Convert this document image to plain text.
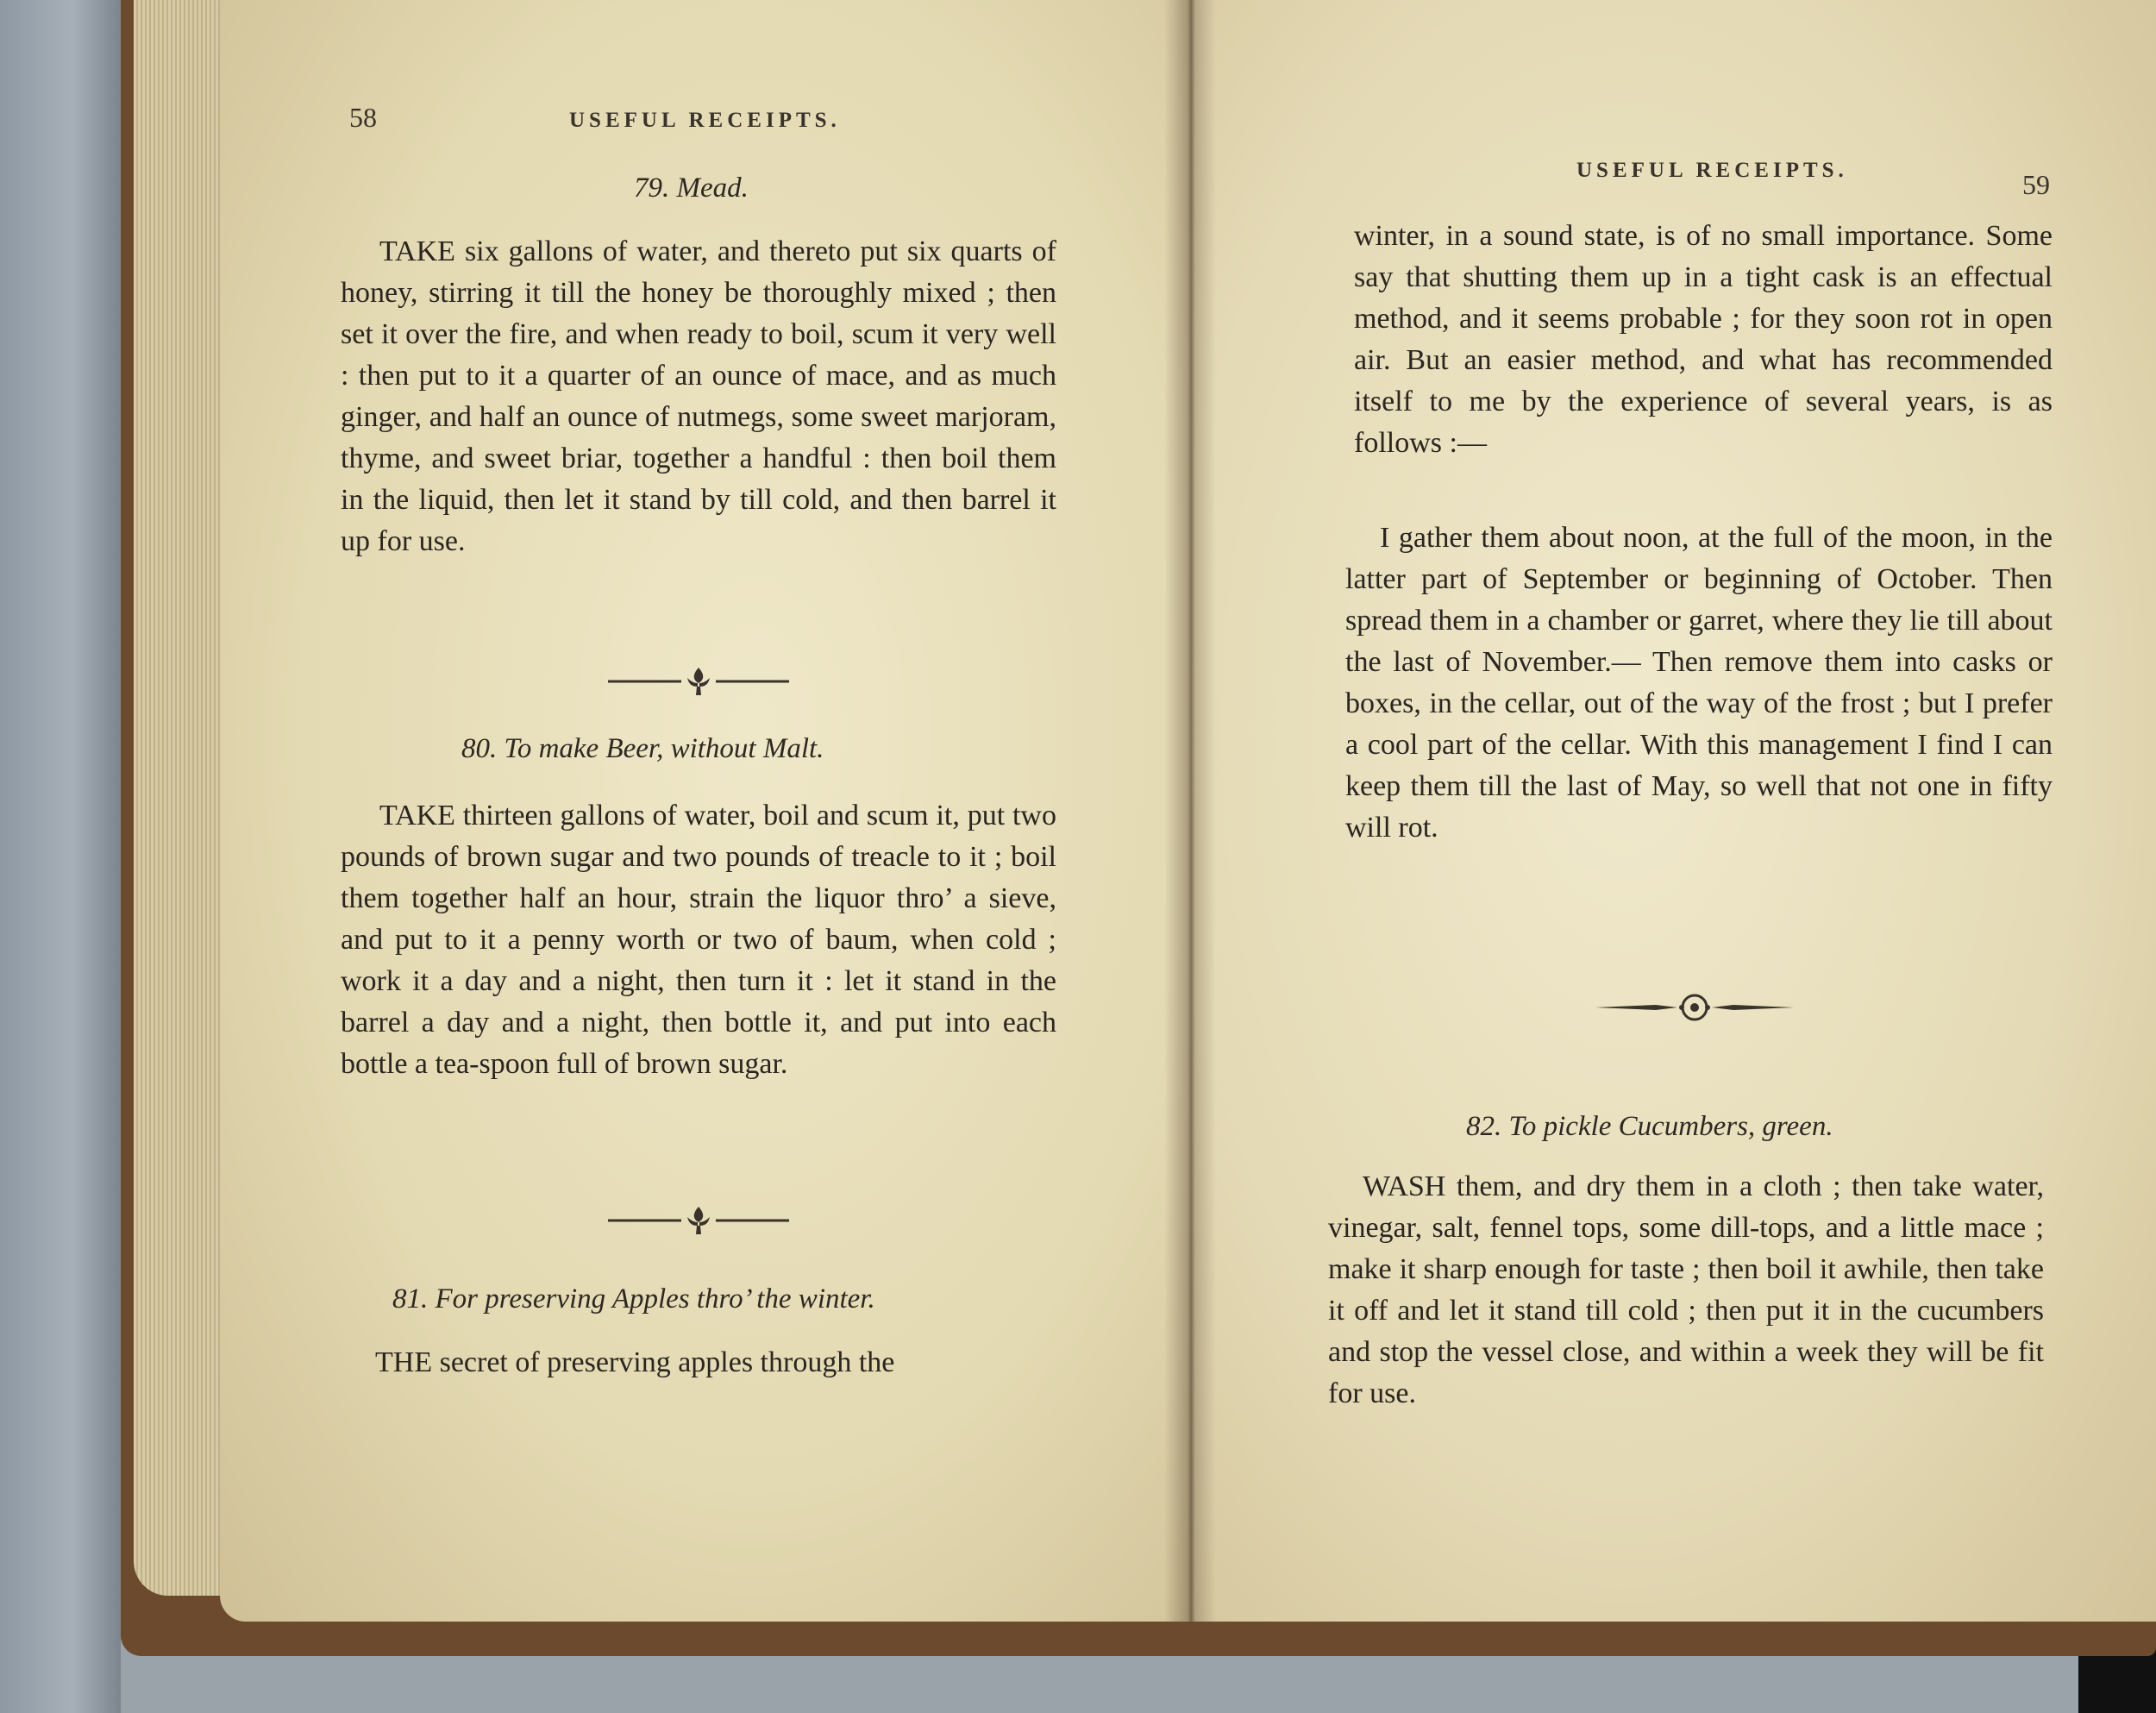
58	USEFUL RECEIPTS.
79. Mead.
TAKE six gallons of water, and thereto put six quarts of honey, stirring it till the honey be thoroughly mixed ; then set it over the fire, and when ready to boil, scum it very well : then put to it a quarter of an ounce of mace, and as much ginger, and half an ounce of nutmegs, some sweet marjoram, thyme, and sweet briar, together a handful : then boil them in the liquid, then let it stand by till cold, and then barrel it up for use.
80. To make Beer, without Malt.
TAKE thirteen gallons of water, boil and scum it, put two pounds of brown sugar and two pounds of treacle to it ; boil them together half an hour, strain the liquor thro’ a sieve, and put to it a penny worth or two of baum, when cold ; work it a day and a night, then turn it : let it stand in the barrel a day and a night, then bottle it, and put into each bottle a tea-spoon full of brown sugar.
81. For preserving Apples thro’ the winter.
THE secret of preserving apples through the
USEFUL RECEIPTS.	59
winter, in a sound state, is of no small importance. Some say that shutting them up in a tight cask is an effectual method, and it seems probable ; for they soon rot in open air. But an easier method, and what has recommended itself to me by the experience of several years, is as follows :—
I gather them about noon, at the full of the moon, in the latter part of September or beginning of October. Then spread them in a chamber or garret, where they lie till about the last of November.— Then remove them into casks or boxes, in the cellar, out of the way of the frost ; but I prefer a cool part of the cellar. With this management I find I can keep them till the last of May, so well that not one in fifty will rot.
82. To pickle Cucumbers, green.
WASH them, and dry them in a cloth ; then take water, vinegar, salt, fennel tops, some dill-tops, and a little mace ; make it sharp enough for taste ; then boil it awhile, then take it off and let it stand till cold ; then put it in the cucumbers and stop the vessel close, and within a week they will be fit for use.
